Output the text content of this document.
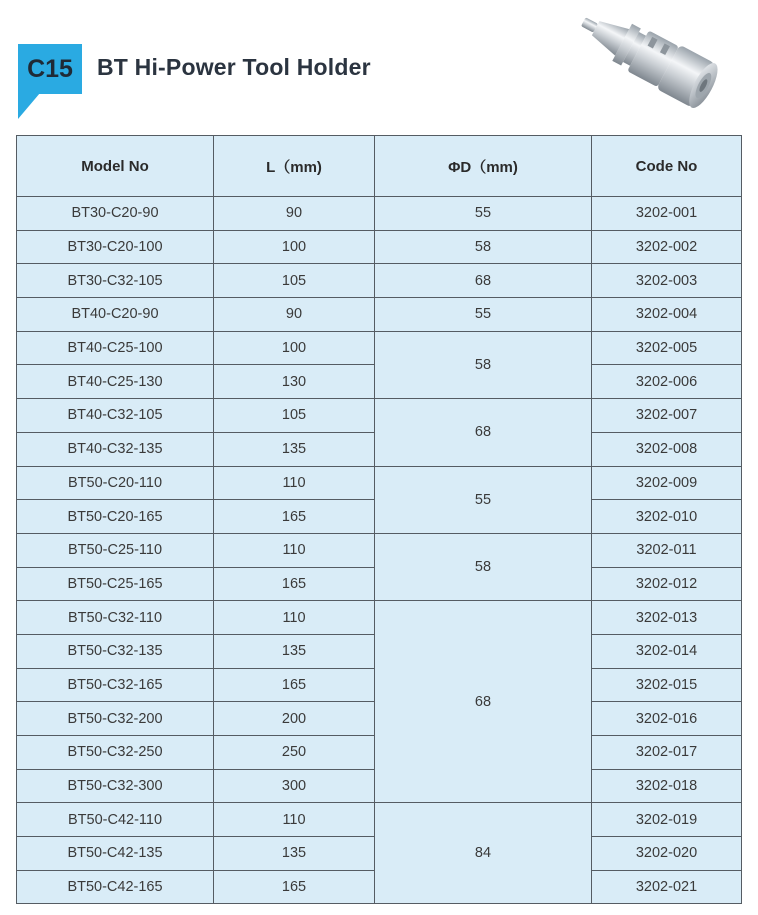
C15	BT Hi-Power Tool Holder
Model No	L（mm)	ΦD（mm)	Code No
BT30-C20-90	90	55	3202-001
BT30-C20-100	100	58	3202-002
BT30-C32-105	105	68	3202-003
BT40-C20-90	90	55	3202-004
BT40-C25-100	100	58	3202-005
BT40-C25-130	130		3202-006
BT40-C32-105	105	68	3202-007
BT40-C32-135	135		3202-008
BT50-C20-110	110	55	3202-009
BT50-C20-165	165		3202-010
BT50-C25-110	110	58	3202-011
BT50-C25-165	165		3202-012
BT50-C32-110	110	68	3202-013
BT50-C32-135	135		3202-014
BT50-C32-165	165		3202-015
BT50-C32-200	200		3202-016
BT50-C32-250	250		3202-017
BT50-C32-300	300		3202-018
BT50-C42-110	110	84	3202-019
BT50-C42-135	135		3202-020
BT50-C42-165	165		3202-021
